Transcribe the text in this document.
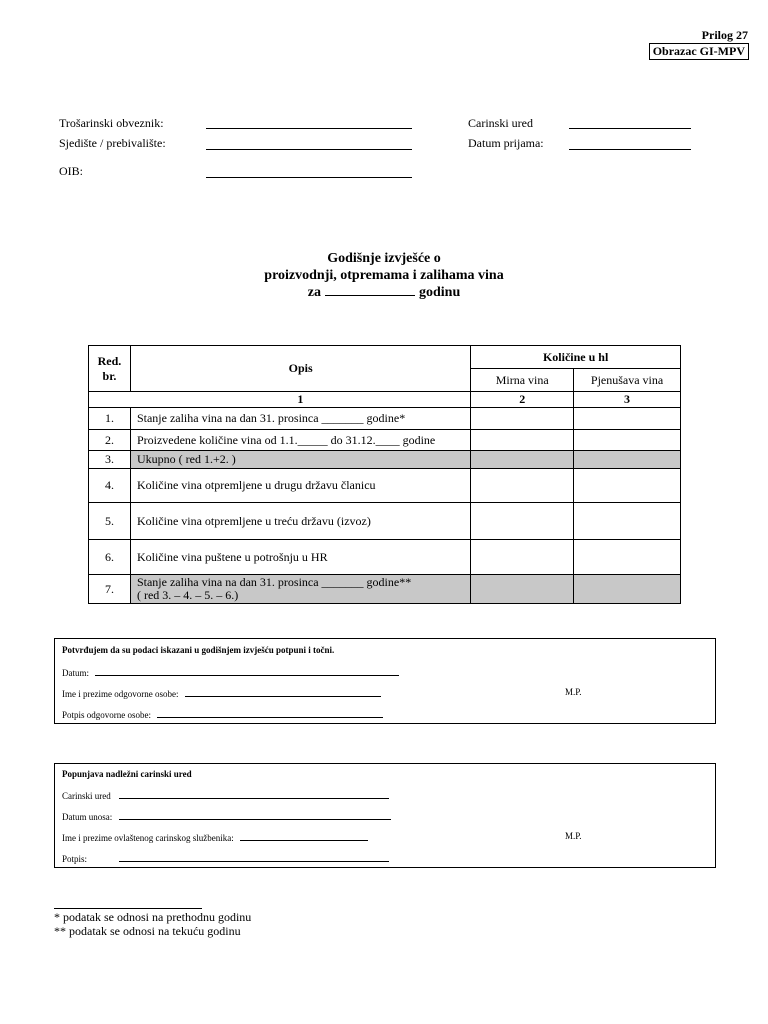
Prilog 27
Obrazac GI-MPV
Trošarinski obveznik:
Sjedište / prebivalište:
OIB:
Carinski ured
Datum prijama:
Godišnje izvješće o
proizvodnji, otpremama i zalihama vina
za	godinu
Red.
br.	Opis	Količine u hl	
		Mirna vina	Pjenušava vina
	1	2	3
1.	Stanje zaliha vina na dan 31. prosinca _______ godine*		
2.	Proizvedene količine vina od 1.1._____ do 31.12.____ godine		
3.	Ukupno ( red 1.+2. )		
4.	Količine vina otpremljene u drugu državu članicu		
5.	Količine vina otpremljene u treću državu (izvoz)		
6.	Količine vina puštene u potrošnju u HR		
7.	Stanje zaliha vina na dan 31. prosinca _______ godine**
( red 3. – 4. – 5. – 6.)		

Potvrđujem da su podaci iskazani u godišnjem izvješću potpuni i točni.
Datum:
Ime i prezime odgovorne osobe:
Potpis odgovorne osobe:
M.P.
Popunjava nadležni carinski ured
Carinski ured
Datum unosa:
Ime i prezime ovlaštenog carinskog službenika:
Potpis:
M.P.
* podatak se odnosi na prethodnu godinu
** podatak se odnosi na tekuću godinu
